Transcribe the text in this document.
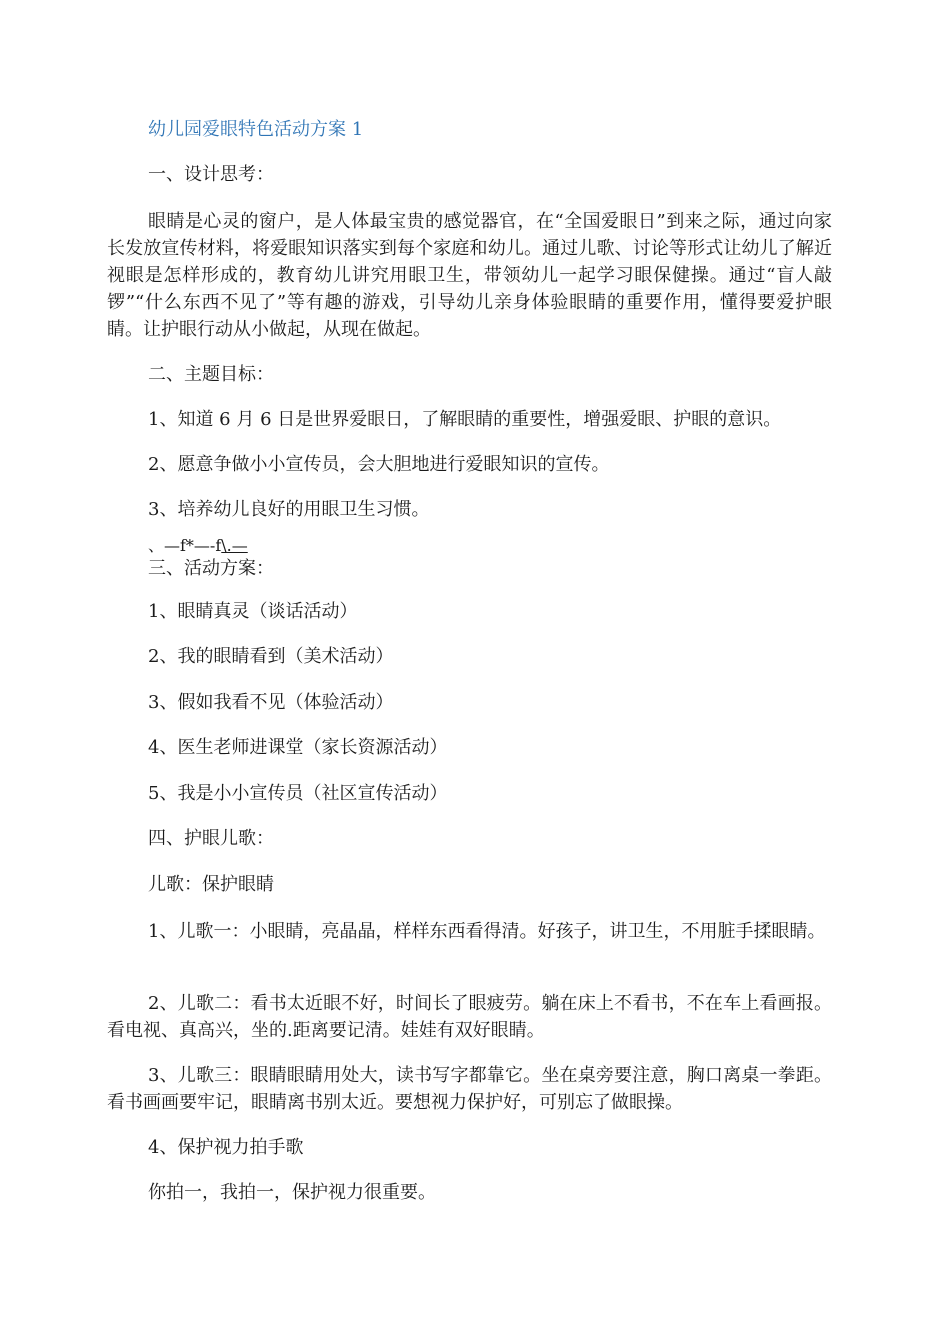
幼儿园爱眼特色活动方案 1
一、设计思考：
眼睛是心灵的窗户，是人体最宝贵的感觉器官，在“全国爱眼日”到来之际，通过向家长发放宣传材料，将爱眼知识落实到每个家庭和幼儿。通过儿歌、讨论等形式让幼儿了解近视眼是怎样形成的，教育幼儿讲究用眼卫生，带领幼儿一起学习眼保健操。通过“盲人敲锣”“什么东西不见了”等有趣的游戏，引导幼儿亲身体验眼睛的重要作用，懂得要爱护眼睛。让护眼行动从小做起，从现在做起。
二、主题目标：
1、知道 6 月 6 日是世界爱眼日，了解眼睛的重要性，增强爱眼、护眼的意识。
2、愿意争做小小宣传员，会大胆地进行爱眼知识的宣传。
3、培养幼儿良好的用眼卫生习惯。
、—f*—-f\.—
三、活动方案：
1、眼睛真灵（谈话活动）
2、我的眼睛看到（美术活动）
3、假如我看不见（体验活动）
4、医生老师进课堂（家长资源活动）
5、我是小小宣传员（社区宣传活动）
四、护眼儿歌：
儿歌：保护眼睛
1、儿歌一：小眼睛，亮晶晶，样样东西看得清。好孩子，讲卫生，不用脏手揉眼睛。
2、儿歌二：看书太近眼不好，时间长了眼疲劳。躺在床上不看书，不在车上看画报。看电视、真高兴，坐的.距离要记清。娃娃有双好眼睛。
3、儿歌三：眼睛眼睛用处大，读书写字都靠它。坐在桌旁要注意，胸口离桌一拳距。看书画画要牢记，眼睛离书别太近。要想视力保护好，可别忘了做眼操。
4、保护视力拍手歌
你拍一，我拍一，保护视力很重要。
